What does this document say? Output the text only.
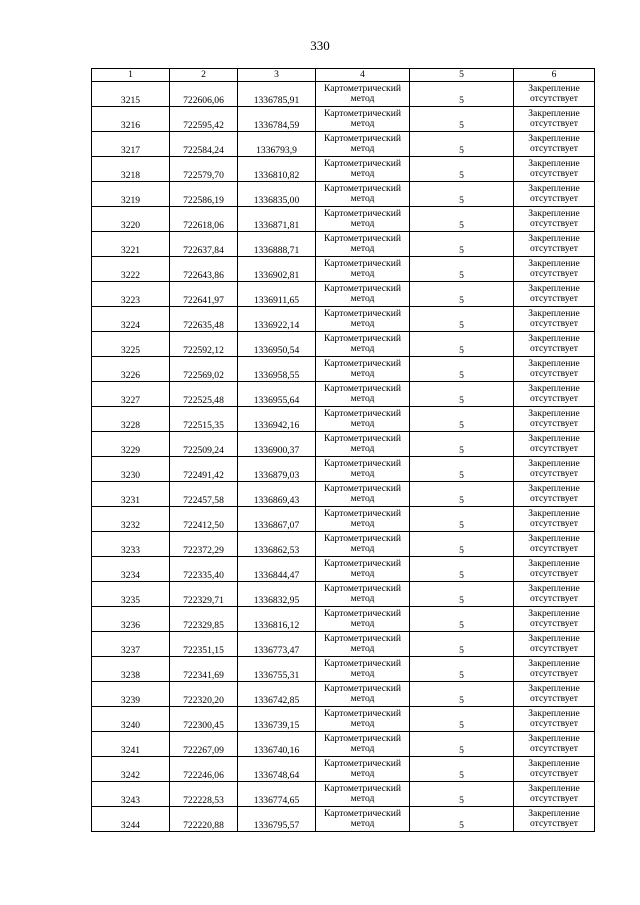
330
1	2	3	4	5	6
3215	722606,06	1336785,91	Картометрический метод	5	Закрепление отсутствует
3216	722595,42	1336784,59	Картометрический метод	5	Закрепление отсутствует
3217	722584,24	1336793,9	Картометрический метод	5	Закрепление отсутствует
3218	722579,70	1336810,82	Картометрический метод	5	Закрепление отсутствует
3219	722586,19	1336835,00	Картометрический метод	5	Закрепление отсутствует
3220	722618,06	1336871,81	Картометрический метод	5	Закрепление отсутствует
3221	722637,84	1336888,71	Картометрический метод	5	Закрепление отсутствует
3222	722643,86	1336902,81	Картометрический метод	5	Закрепление отсутствует
3223	722641,97	1336911,65	Картометрический метод	5	Закрепление отсутствует
3224	722635,48	1336922,14	Картометрический метод	5	Закрепление отсутствует
3225	722592,12	1336950,54	Картометрический метод	5	Закрепление отсутствует
3226	722569,02	1336958,55	Картометрический метод	5	Закрепление отсутствует
3227	722525,48	1336955,64	Картометрический метод	5	Закрепление отсутствует
3228	722515,35	1336942,16	Картометрический метод	5	Закрепление отсутствует
3229	722509,24	1336900,37	Картометрический метод	5	Закрепление отсутствует
3230	722491,42	1336879,03	Картометрический метод	5	Закрепление отсутствует
3231	722457,58	1336869,43	Картометрический метод	5	Закрепление отсутствует
3232	722412,50	1336867,07	Картометрический метод	5	Закрепление отсутствует
3233	722372,29	1336862,53	Картометрический метод	5	Закрепление отсутствует
3234	722335,40	1336844,47	Картометрический метод	5	Закрепление отсутствует
3235	722329,71	1336832,95	Картометрический метод	5	Закрепление отсутствует
3236	722329,85	1336816,12	Картометрический метод	5	Закрепление отсутствует
3237	722351,15	1336773,47	Картометрический метод	5	Закрепление отсутствует
3238	722341,69	1336755,31	Картометрический метод	5	Закрепление отсутствует
3239	722320,20	1336742,85	Картометрический метод	5	Закрепление отсутствует
3240	722300,45	1336739,15	Картометрический метод	5	Закрепление отсутствует
3241	722267,09	1336740,16	Картометрический метод	5	Закрепление отсутствует
3242	722246,06	1336748,64	Картометрический метод	5	Закрепление отсутствует
3243	722228,53	1336774,65	Картометрический метод	5	Закрепление отсутствует
3244	722220,88	1336795,57	Картометрический метод	5	Закрепление отсутствует
